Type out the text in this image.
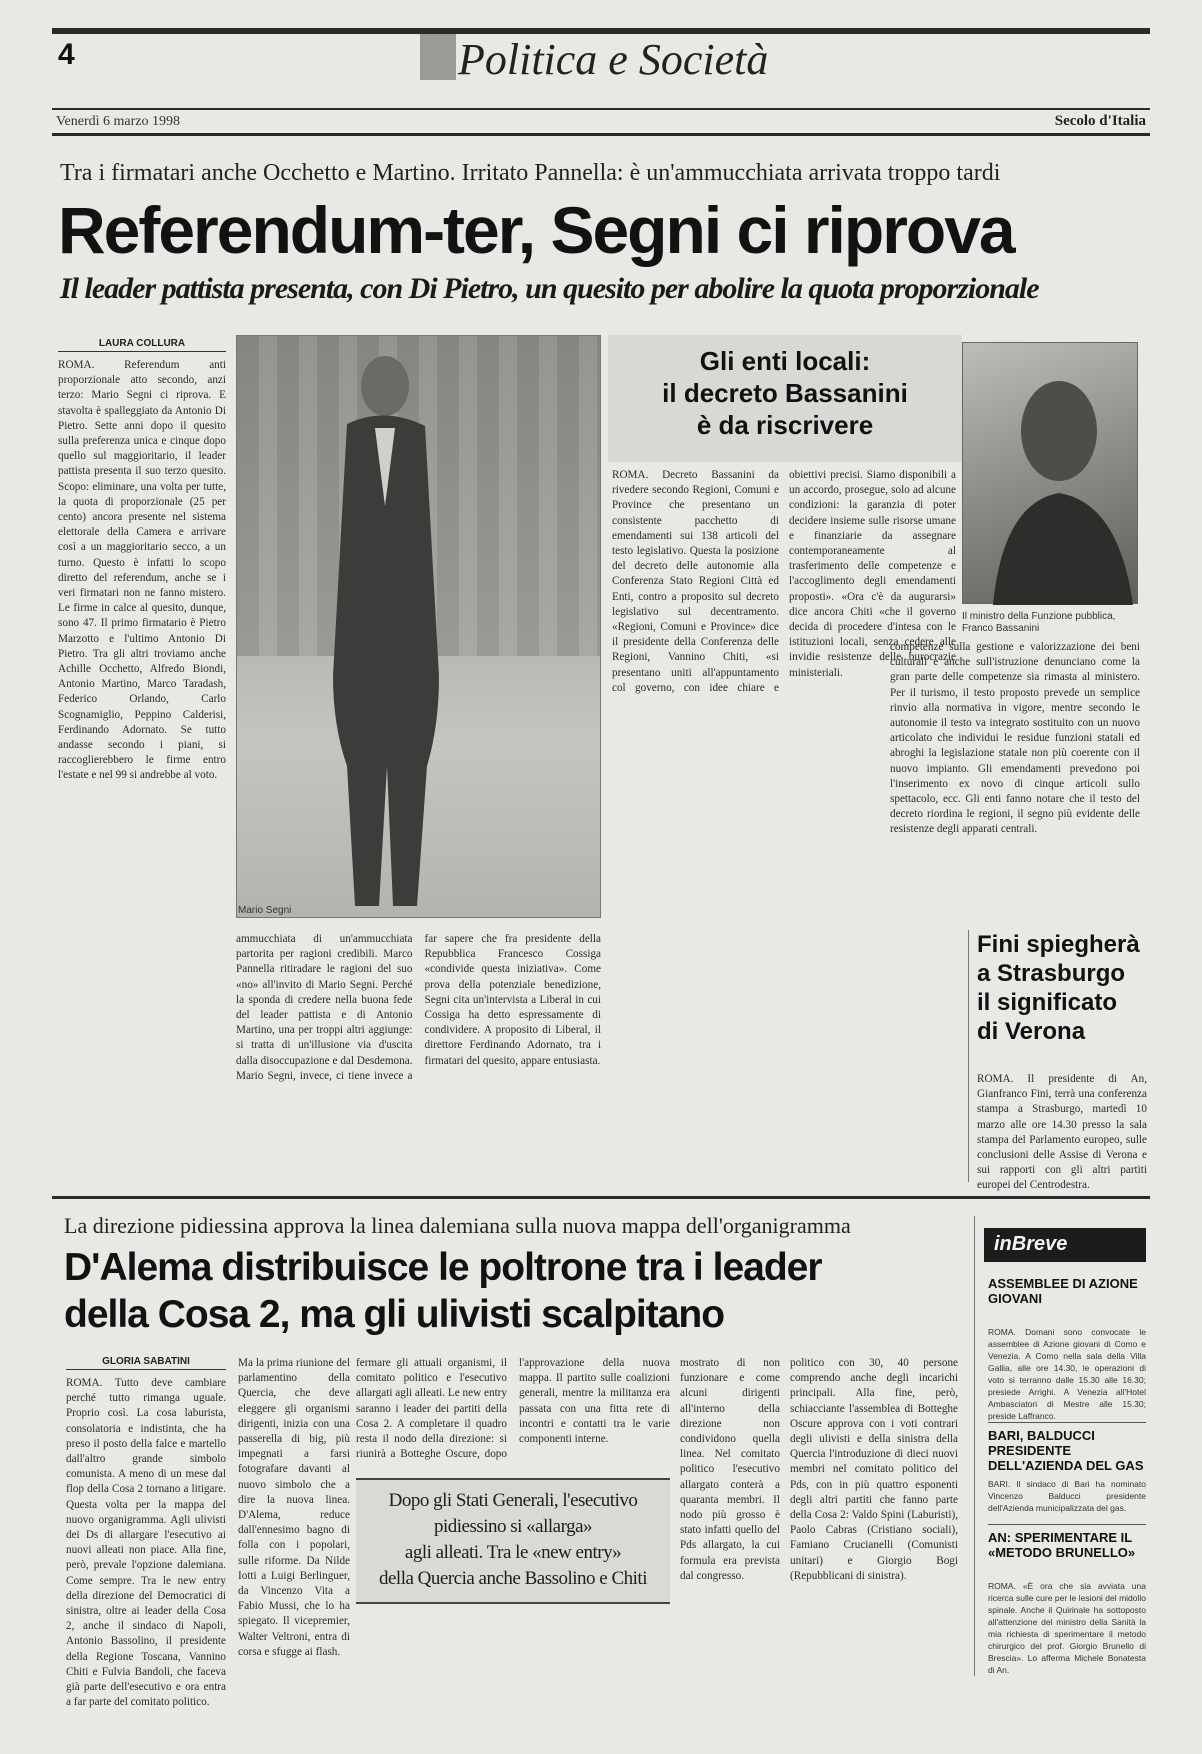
4	Politica e Società
Venerdì 6 marzo 1998	Secolo d'Italia
Tra i firmatari anche Occhetto e Martino. Irritato Pannella: è un'ammucchiata arrivata troppo tardi
Referendum-ter, Segni ci riprova
Il leader pattista presenta, con Di Pietro, un quesito per abolire la quota proporzionale
LAURA COLLURA
ROMA. Referendum anti proporzionale atto secondo, anzi terzo: Mario Segni ci riprova. E stavolta è spalleggiato da Antonio Di Pietro. Sette anni dopo il quesito sulla preferenza unica e cinque dopo quello sul maggioritario, il leader pattista presenta il suo terzo quesito. Scopo: eliminare, una volta per tutte, la quota di proporzionale (25 per cento) ancora presente nel sistema elettorale della Camera e arrivare così a un maggioritario secco, a un turno. Questo è infatti lo scopo diretto del referendum, anche se i veri firmatari non ne fanno mistero. Le firme in calce al quesito, dunque, sono 47. Il primo firmatario è Pietro Marzotto e l'ultimo Antonio Di Pietro. Tra gli altri troviamo anche Achille Occhetto, Alfredo Biondi, Antonio Martino, Marco Taradash, Federico Orlando, Carlo Scognamiglio, Peppino Calderisi, Ferdinando Adornato. Se tutto andasse secondo i piani, si raccoglierebbero le firme entro l'estate e nel 99 si andrebbe al voto.
Mario Segni
ammucchiata di un'ammucchiata partorita per ragioni credibili. Marco Pannella ritiradare le ragioni del suo «no» all'invito di Mario Segni. Perché la sponda di credere nella buona fede del leader pattista e di Antonio Martino, una per troppi altri aggiunge: si tratta di un'illusione via d'uscita dalla disoccupazione e dal Desdemona. Mario Segni, invece, ci tiene invece a far sapere che fra presidente della Repubblica Francesco Cossiga «condivide questa iniziativa». Come prova della potenziale benedizione, Segni cita un'intervista a Liberal in cui Cossiga ha detto espressamente di condividere. A proposito di Liberal, il direttore Ferdinando Adornato, tra i firmatari del quesito, appare entusiasta.
Gli enti locali:
il decreto Bassanini
è da riscrivere
ROMA. Decreto Bassanini da rivedere secondo Regioni, Comuni e Province che presentano un consistente pacchetto di emendamenti sui 138 articoli del testo legislativo. Questa la posizione del decreto delle autonomie alla Conferenza Stato Regioni Città ed Enti, contro a proposito sul decreto legislativo sul decentramento. «Regioni, Comuni e Province» dice il presidente della Conferenza delle Regioni, Vannino Chiti, «si presentano uniti all'appuntamento col governo, con idee chiare e obiettivi precisi. Siamo disponibili a un accordo, prosegue, solo ad alcune condizioni: la garanzia di poter decidere insieme sulle risorse umane e finanziarie da assegnare contemporaneamente al trasferimento delle competenze e l'accoglimento degli emendamenti proposti». «Ora c'è da augurarsi» dice ancora Chiti «che il governo decida di procedere d'intesa con le istituzioni locali, senza cedere alle invidie resistenze delle burocrazie ministeriali.
Il ministro della Funzione pubblica, Franco Bassanini
competenze sulla gestione e valorizzazione dei beni culturali e anche sull'istruzione denunciano come la gran parte delle competenze sia rimasta al ministero. Per il turismo, il testo proposto prevede un semplice rinvio alla normativa in vigore, mentre secondo le autonomie il testo va integrato sostituito con un nuovo articolato che individui le residue funzioni statali ed abroghi la legislazione statale non più coerente con il nuovo impianto. Gli emendamenti prevedono poi l'inserimento ex novo di cinque articoli sullo spettacolo, ecc. Gli enti fanno notare che il testo del decreto riordina le regioni, il segno più evidente delle resistenze degli apparati centrali.
Fini spiegherà
a Strasburgo
il significato
di Verona
ROMA. Il presidente di An, Gianfranco Fini, terrà una conferenza stampa a Strasburgo, martedì 10 marzo alle ore 14.30 presso la sala stampa del Parlamento europeo, sulle conclusioni delle Assise di Verona e sui rapporti con gli altri partiti europei del Centrodestra.
La direzione pidiessina approva la linea dalemiana sulla nuova mappa dell'organigramma
D'Alema distribuisce le poltrone tra i leader
della Cosa 2, ma gli ulivisti scalpitano
GLORIA SABATINI
ROMA. Tutto deve cambiare perché tutto rimanga uguale. Proprio così. La cosa laburista, consolatoria e indistinta, che ha preso il posto della falce e martello dall'altro grande simbolo comunista. A meno di un mese dal flop della Cosa 2 tornano a litigare. Questa volta per la mappa del nuovo organigramma. Agli ulivisti dei Ds di allargare l'esecutivo ai nuovi alleati non piace. Alla fine, però, prevale l'opzione dalemiana. Come sempre. Tra le new entry della direzione del Democratici di sinistra, oltre ai leader della Cosa 2, anche il sindaco di Napoli, Antonio Bassolino, il presidente della Regione Toscana, Vannino Chiti e Fulvia Bandoli, che faceva già parte dell'esecutivo e ora entra a far parte del comitato politico.
Ma la prima riunione del parlamentino della Quercia, che deve eleggere gli organismi dirigenti, inizia con una passerella di big, più impegnati a farsi fotografare davanti al nuovo simbolo che a dire la nuova linea. D'Alema, reduce dall'ennesimo bagno di folla con i popolari, sulle riforme. Da Nilde Iotti a Luigi Berlinguer, da Vincenzo Vita a Fabio Mussi, che lo ha spiegato. Il vicepremier, Walter Veltroni, entra di corsa e sfugge ai flash.
fermare gli attuali organismi, il comitato politico e l'esecutivo allargati agli alleati. Le new entry saranno i leader dei partiti della Cosa 2. A completare il quadro resta il nodo della direzione: si riunirà a Botteghe Oscure, dopo l'approvazione della nuova mappa. Il partito sulle coalizioni generali, mentre la militanza era passata con una fitta rete di incontri e contatti tra le varie componenti interne.
mostrato di non funzionare e come alcuni dirigenti all'interno della direzione non condividono quella linea. Nel comitato politico l'esecutivo allargato conterà a quaranta membri. Il nodo più grosso è stato infatti quello del Pds allargato, la cui formula era prevista dal congresso.
politico con 30, 40 persone comprendo anche degli incarichi principali. Alla fine, però, schiacciante l'assemblea di Botteghe Oscure approva con i voti contrari degli ulivisti e della sinistra della Quercia l'introduzione di dieci nuovi membri nel comitato politico del Pds, con in più quattro esponenti degli altri partiti che fanno parte della Cosa 2: Valdo Spini (Laburisti), Paolo Cabras (Cristiano sociali), Famiano Crucianelli (Comunisti unitari) e Giorgio Bogi (Repubblicani di sinistra).
Dopo gli Stati Generali, l'esecutivo
pidiessino si «allarga»
agli alleati. Tra le «new entry»
della Quercia anche Bassolino e Chiti
inBreve
ASSEMBLEE DI AZIONE GIOVANI
ROMA. Domani sono convocate le assemblee di Azione giovani di Como e Venezia. A Como nella sala della Villa Gallia, alle ore 14.30, le operazioni di voto si terranno dalle 15.30 alle 16.30; presiede Arrighi. A Venezia all'Hotel Ambasciatori di Mestre alle 15.30; preside Laffranco.
BARI, BALDUCCI PRESIDENTE DELL'AZIENDA DEL GAS
BARI. Il sindaco di Bari ha nominato Vincenzo Balducci presidente dell'Azienda municipalizzata del gas.
AN: SPERIMENTARE IL «METODO BRUNELLO»
ROMA. «È ora che sia avviata una ricerca sulle cure per le lesioni del midollo spinale. Anche il Quirinale ha sottoposto all'attenzione del ministro della Sanità la mia richiesta di sperimentare il metodo chirurgico del prof. Giorgio Brunello di Brescia». Lo afferma Michele Bonatesta di An.
